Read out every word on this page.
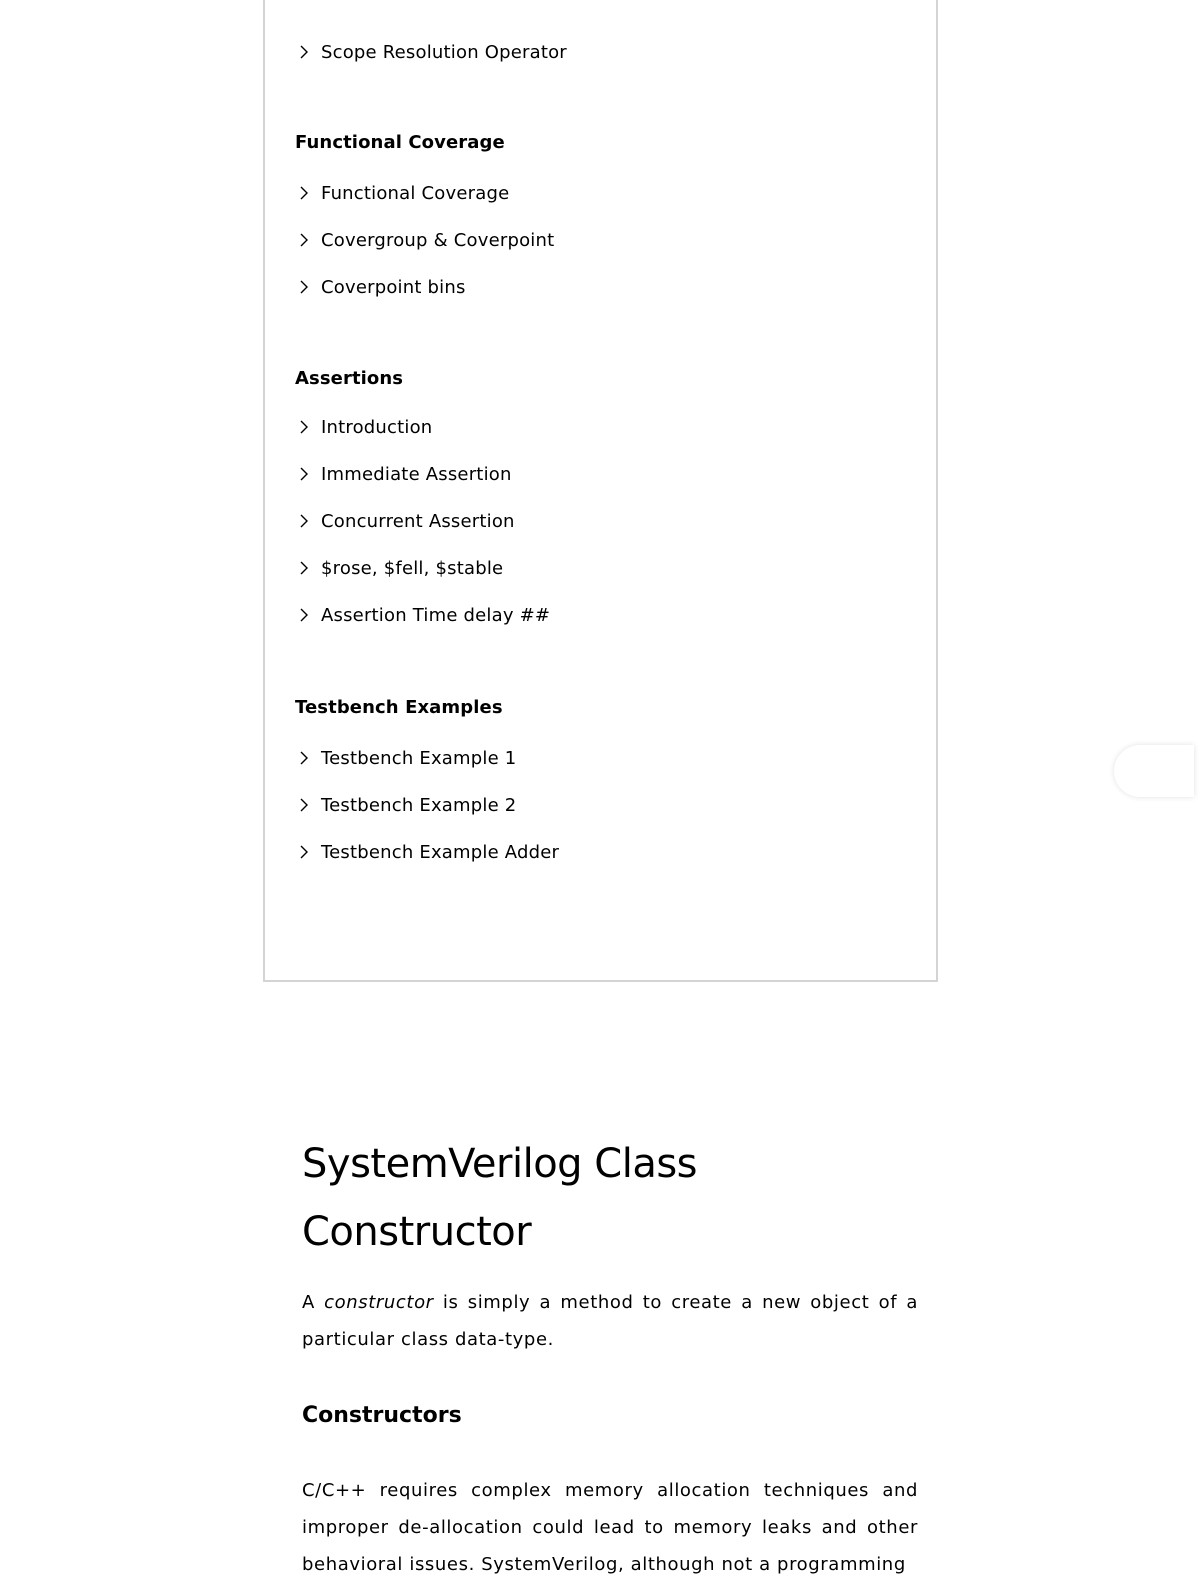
Scope Resolution Operator
Functional Coverage
Functional Coverage
Covergroup & Coverpoint
Coverpoint bins
Assertions
Introduction
Immediate Assertion
Concurrent Assertion
$rose, $fell, $stable
Assertion Time delay ##
Testbench Examples
Testbench Example 1
Testbench Example 2
Testbench Example Adder
SystemVerilog Class Constructor

A constructor is simply a method to create a new object of a particular class data-type.

Constructors

C/C++ requires complex memory allocation techniques and improper de-allocation could lead to memory leaks and other behavioral issues. SystemVerilog, although not a programming
